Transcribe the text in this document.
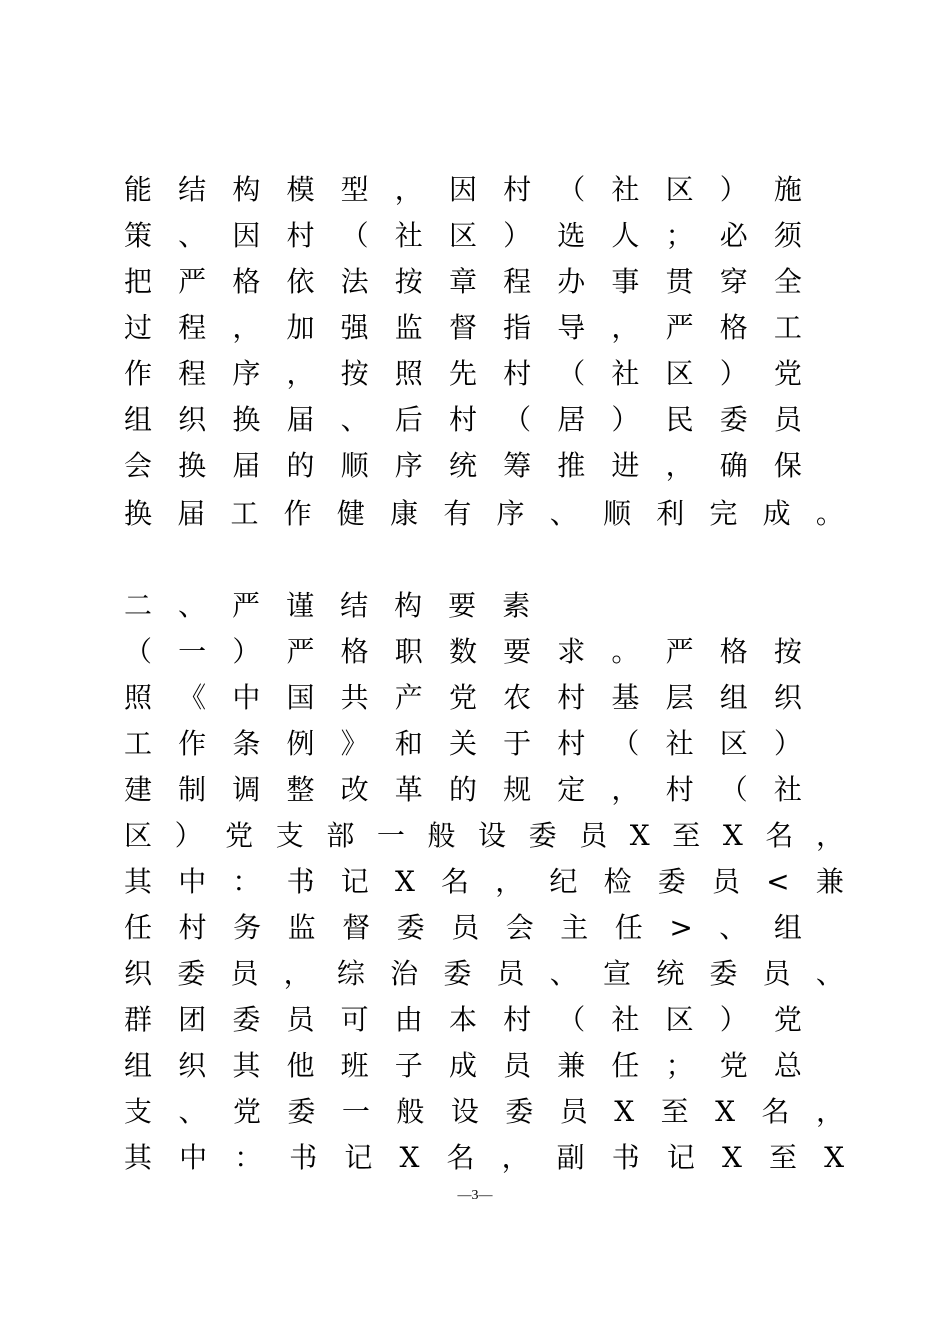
能 结 构 模 型 ， 因 村 （ 社 区 ） 施
策 、 因 村 （ 社 区 ） 选 人 ； 必 须
把 严 格 依 法 按 章 程 办 事 贯 穿 全
过 程 ， 加 强 监 督 指 导 ， 严 格 工
作 程 序 ， 按 照 先 村 （ 社 区 ） 党
组 织 换 届 、 后 村 （ 居 ） 民 委 员
会 换 届 的 顺 序 统 筹 推 进 ， 确 保
换 届 工 作 健 康 有 序 、 顺 利 完 成 。
二 、 严 谨 结 构 要 素
（ 一 ） 严 格 职 数 要 求 。 严 格 按
照 《 中 国 共 产 党 农 村 基 层 组 织
工 作 条 例 》 和 关 于 村 （ 社 区 ）
建 制 调 整 改 革 的 规 定 ， 村 （ 社
区 ） 党 支 部 一 般 设 委 员 X 至 X 名 ，
其 中 ： 书 记 X 名 ， 纪 检 委 员 < 兼
任 村 务 监 督 委 员 会 主 任 > 、 组
织 委 员 ， 综 治 委 员 、 宣 统 委 员 、
群 团 委 员 可 由 本 村 （ 社 区 ） 党
组 织 其 他 班 子 成 员 兼 任 ； 党 总
支 、 党 委 一 般 设 委 员 X 至 X 名 ，
其 中 ： 书 记 X 名 ， 副 书 记 X 至 X
—3—
